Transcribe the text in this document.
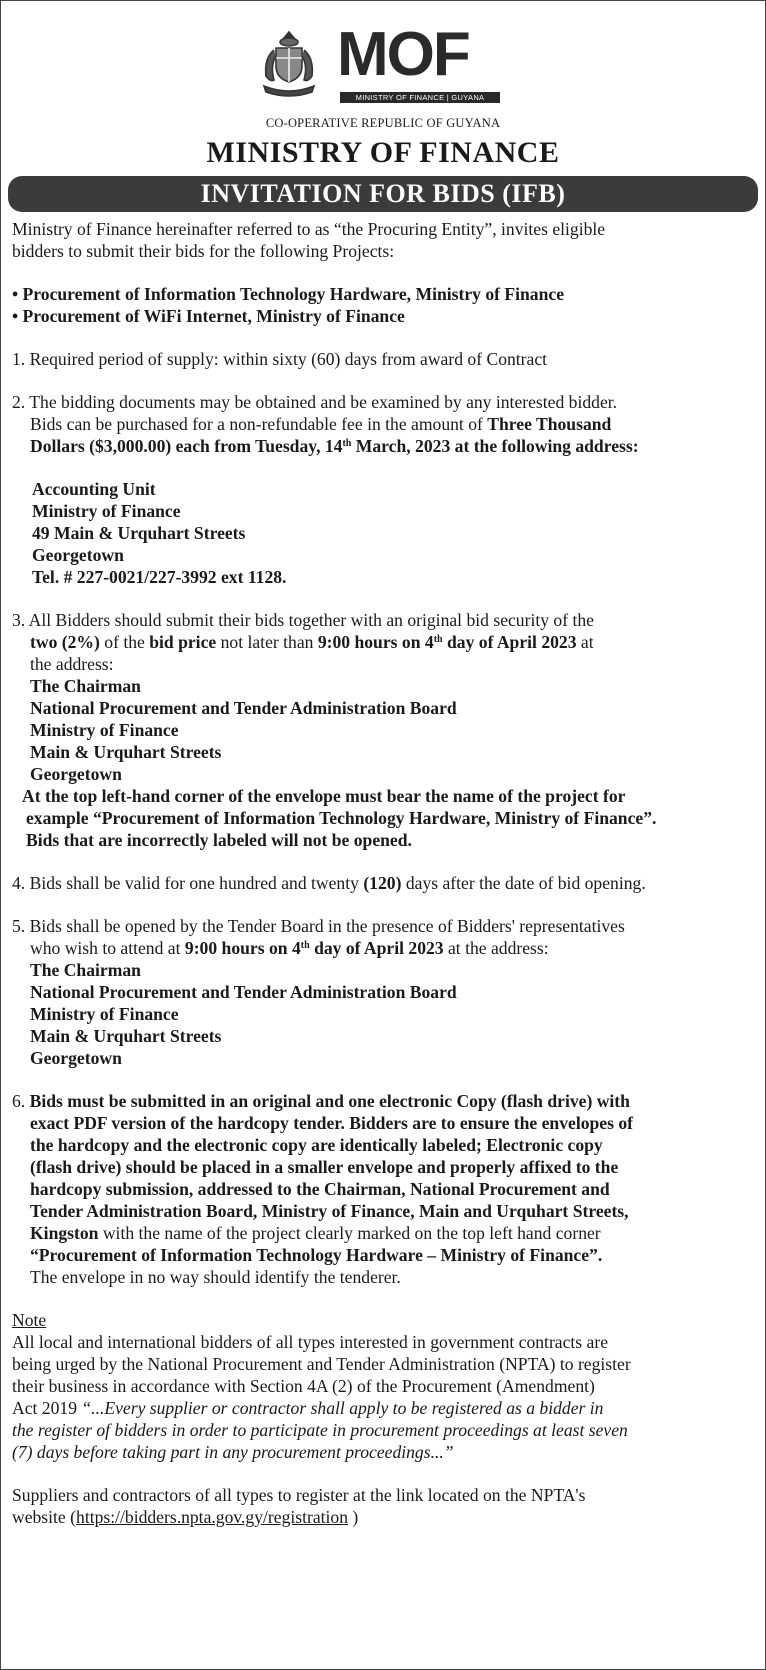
MOF
MINISTRY OF FINANCE | GUYANA
CO-OPERATIVE REPUBLIC OF GUYANA
MINISTRY OF FINANCE
INVITATION FOR BIDS (IFB)

Ministry of Finance hereinafter referred to as “the Procuring Entity”, invites eligible

bidders to submit their bids for the following Projects:

• Procurement of Information Technology Hardware, Ministry of Finance

• Procurement of WiFi Internet, Ministry of Finance

1. Required period of supply: within sixty (60) days from award of Contract

2. The bidding documents may be obtained and be examined by any interested bidder.

Bids can be purchased for a non-refundable fee in the amount of Three Thousand

Dollars ($3,000.00) each from Tuesday, 14th March, 2023 at the following address:

Accounting Unit

Ministry of Finance

49 Main & Urquhart Streets

Georgetown

Tel. # 227-0021/227-3992 ext 1128.

3. All Bidders should submit their bids together with an original bid security of the

two (2%) of the bid price not later than 9:00 hours on 4th day of April 2023 at

the address:

The Chairman

National Procurement and Tender Administration Board

Ministry of Finance

Main & Urquhart Streets

Georgetown

At the top left-hand corner of the envelope must bear the name of the project for

example “Procurement of Information Technology Hardware, Ministry of Finance”.

Bids that are incorrectly labeled will not be opened.

4. Bids shall be valid for one hundred and twenty (120) days after the date of bid opening.

5. Bids shall be opened by the Tender Board in the presence of Bidders' representatives

who wish to attend at 9:00 hours on 4th day of April 2023 at the address:

The Chairman

National Procurement and Tender Administration Board

Ministry of Finance

Main & Urquhart Streets

Georgetown

6. Bids must be submitted in an original and one electronic Copy (flash drive) with

exact PDF version of the hardcopy tender. Bidders are to ensure the envelopes of

the hardcopy and the electronic copy are identically labeled; Electronic copy

(flash drive) should be placed in a smaller envelope and properly affixed to the

hardcopy submission, addressed to the Chairman, National Procurement and

Tender Administration Board, Ministry of Finance, Main and Urquhart Streets,

Kingston with the name of the project clearly marked on the top left hand corner

“Procurement of Information Technology Hardware – Ministry of Finance”.

The envelope in no way should identify the tenderer.

Note

All local and international bidders of all types interested in government contracts are

being urged by the National Procurement and Tender Administration (NPTA) to register

their business in accordance with Section 4A (2) of the Procurement (Amendment)

Act 2019 “...Every supplier or contractor shall apply to be registered as a bidder in

the register of bidders in order to participate in procurement proceedings at least seven

(7) days before taking part in any procurement proceedings...”

Suppliers and contractors of all types to register at the link located on the NPTA's

website (https://bidders.npta.gov.gy/registration )
